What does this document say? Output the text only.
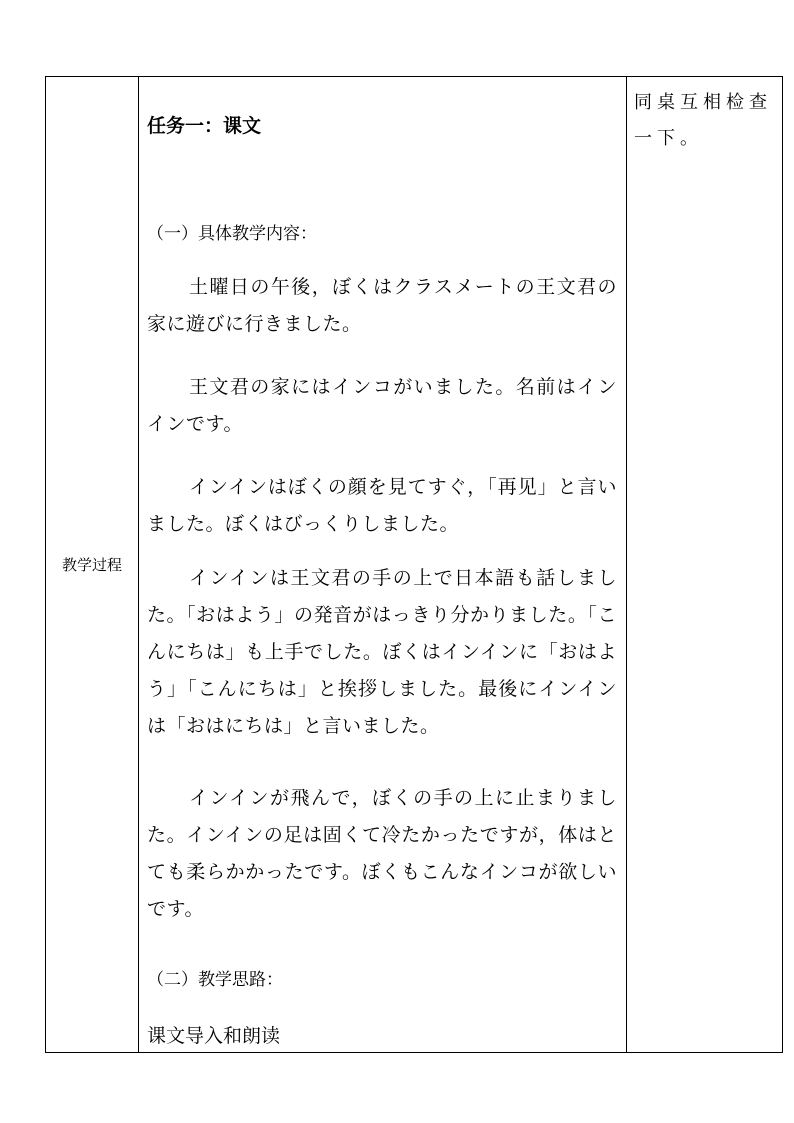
教学过程
任务一：课文
（一）具体教学内容：
土曜日の午後，ぼくはクラスメートの王文君の家に遊びに行きました。
王文君の家にはインコがいました。名前はインインです。
インインはぼくの顔を見てすぐ，「再见」と言いました。ぼくはびっくりしました。
インインは王文君の手の上で日本語も話しました。「おはよう」の発音がはっきり分かりました。「こんにちは」も上手でした。ぼくはインインに「おはよう」「こんにちは」と挨拶しました。最後にインインは「おはにちは」と言いました。
インインが飛んで，ぼくの手の上に止まりました。インインの足は固くて冷たかったですが，体はとても柔らかかったです。ぼくもこんなインコが欲しいです。
（二）教学思路：
课文导入和朗读
同桌互相检查一下。
